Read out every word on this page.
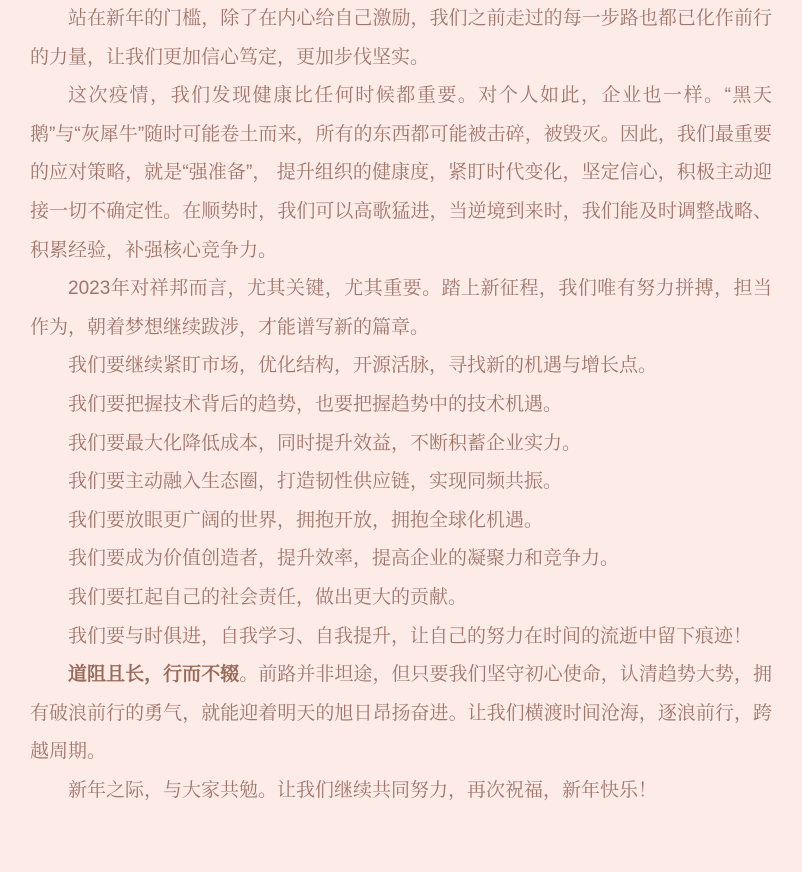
站在新年的门槛，除了在内心给自己激励，我们之前走过的每一步路也都已化作前行的力量，让我们更加信心笃定，更加步伐坚实。

这次疫情，我们发现健康比任何时候都重要。对个人如此，企业也一样。“黑天鹅”与“灰犀牛”随时可能卷土而来，所有的东西都可能被击碎，被毁灭。因此，我们最重要的应对策略，就是“强准备”， 提升组织的健康度，紧盯时代变化，坚定信心，积极主动迎接一切不确定性。在顺势时，我们可以高歌猛进，当逆境到来时，我们能及时调整战略、积累经验，补强核心竞争力。

2023年对祥邦而言，尤其关键，尤其重要。踏上新征程，我们唯有努力拼搏，担当作为，朝着梦想继续跋涉，才能谱写新的篇章。

我们要继续紧盯市场，优化结构，开源活脉，寻找新的机遇与增长点。

我们要把握技术背后的趋势，也要把握趋势中的技术机遇。

我们要最大化降低成本，同时提升效益，不断积蓄企业实力。

我们要主动融入生态圈，打造韧性供应链，实现同频共振。

我们要放眼更广阔的世界，拥抱开放，拥抱全球化机遇。

我们要成为价值创造者，提升效率，提高企业的凝聚力和竞争力。

我们要扛起自己的社会责任，做出更大的贡献。

我们要与时俱进，自我学习、自我提升，让自己的努力在时间的流逝中留下痕迹！

道阻且长，行而不辍。前路并非坦途，但只要我们坚守初心使命，认清趋势大势，拥有破浪前行的勇气，就能迎着明天的旭日昂扬奋进。让我们横渡时间沧海，逐浪前行，跨越周期。

新年之际，与大家共勉。让我们继续共同努力，再次祝福，新年快乐！
